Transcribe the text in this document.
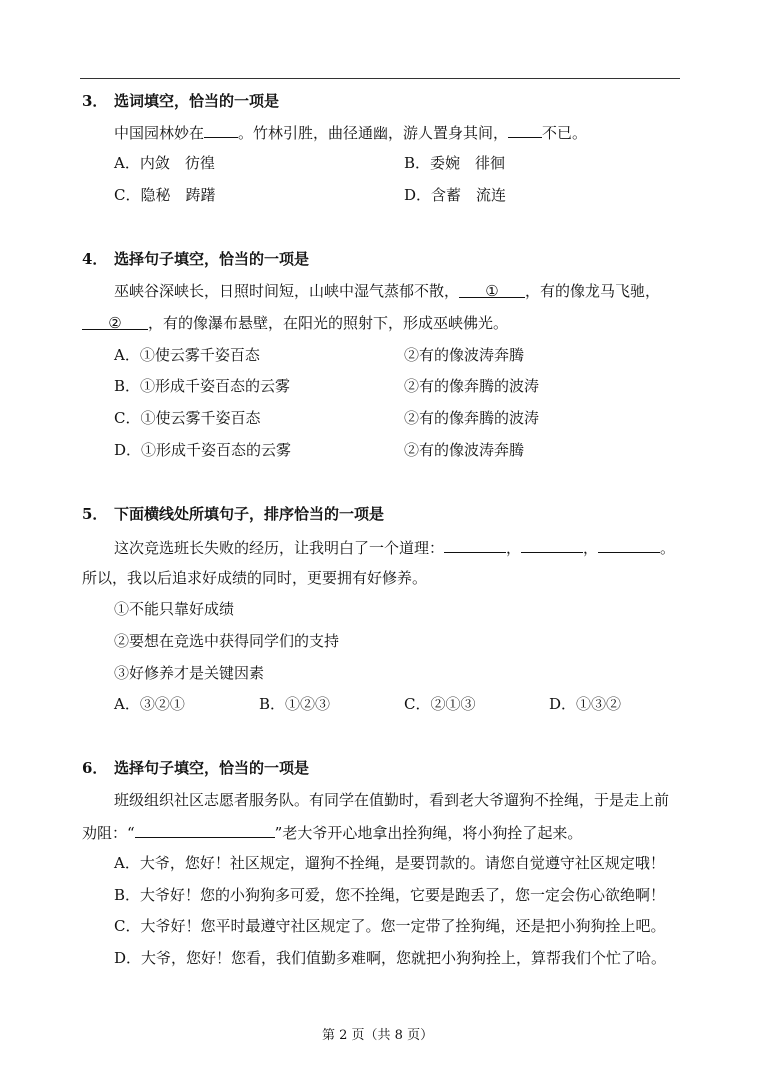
3． 选词填空，恰当的一项是
中国园林妙在 。竹林引胜，曲径通幽，游人置身其间， 不已。
A．内敛　彷徨	B．委婉　徘徊
C．隐秘　踌躇	D．含蓄　流连
4． 选择句子填空，恰当的一项是
巫峡谷深峡长，日照时间短，山峡中湿气蒸郁不散， ① ，有的像龙马飞驰，
② ，有的像瀑布悬壁，在阳光的照射下，形成巫峡佛光。
A．①使云雾千姿百态	②有的像波涛奔腾
B．①形成千姿百态的云雾	②有的像奔腾的波涛
C．①使云雾千姿百态	②有的像奔腾的波涛
D．①形成千姿百态的云雾	②有的像波涛奔腾
5． 下面横线处所填句子，排序恰当的一项是
这次竞选班长失败的经历，让我明白了一个道理：	，	，	。
所以，我以后追求好成绩的同时，更要拥有好修养。
①不能只靠好成绩
②要想在竞选中获得同学们的支持
③好修养才是关键因素
A．③②①	B．①②③	C．②①③	D．①③②
6． 选择句子填空，恰当的一项是
班级组织社区志愿者服务队。有同学在值勤时，看到老大爷遛狗不拴绳，于是走上前
劝阻：“	”老大爷开心地拿出拴狗绳，将小狗拴了起来。
A．大爷，您好！社区规定，遛狗不拴绳，是要罚款的。请您自觉遵守社区规定哦！
B．大爷好！您的小狗狗多可爱，您不拴绳，它要是跑丢了，您一定会伤心欲绝啊！
C．大爷好！您平时最遵守社区规定了。您一定带了拴狗绳，还是把小狗狗拴上吧。
D．大爷，您好！您看，我们值勤多难啊，您就把小狗狗拴上，算帮我们个忙了哈。
第 2 页（共 8 页）
